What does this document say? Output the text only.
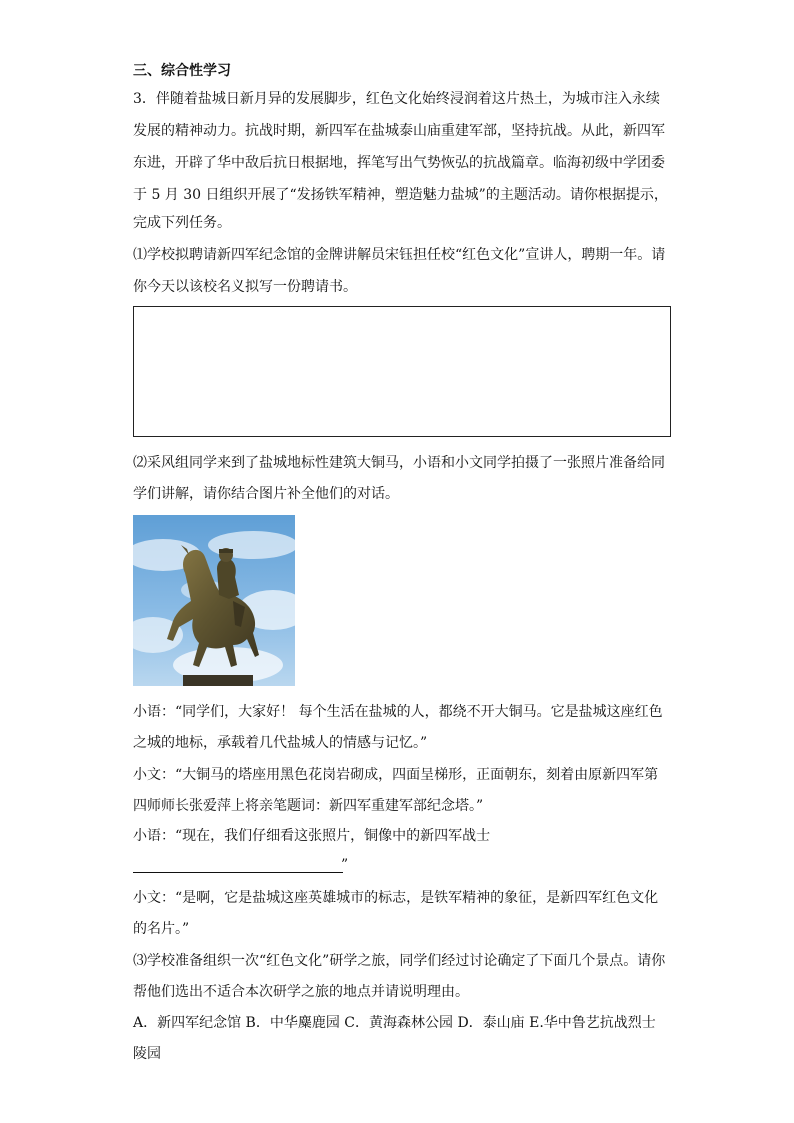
三、综合性学习
3．伴随着盐城日新月异的发展脚步，红色文化始终浸润着这片热土，为城市注入永续
发展的精神动力。抗战时期，新四军在盐城泰山庙重建军部，坚持抗战。从此，新四军
东进，开辟了华中敌后抗日根据地，挥笔写出气势恢弘的抗战篇章。临海初级中学团委
于 5 月 30 日组织开展了“发扬铁军精神，塑造魅力盐城”的主题活动。请你根据提示，
完成下列任务。
⑴学校拟聘请新四军纪念馆的金牌讲解员宋钰担任校“红色文化”宣讲人，聘期一年。请
你今天以该校名义拟写一份聘请书。
⑵采风组同学来到了盐城地标性建筑大铜马，小语和小文同学拍摄了一张照片准备给同
学们讲解，请你结合图片补全他们的对话。
小语：“同学们，大家好！ 每个生活在盐城的人，都绕不开大铜马。它是盐城这座红色
之城的地标，承载着几代盐城人的情感与记忆。”
小文：“大铜马的塔座用黑色花岗岩砌成，四面呈梯形，正面朝东，刻着由原新四军第
四师师长张爱萍上将亲笔题词：新四军重建军部纪念塔。”
小语：“现在，我们仔细看这张照片，铜像中的新四军战士
”
小文：“是啊，它是盐城这座英雄城市的标志，是铁军精神的象征，是新四军红色文化
的名片。”
⑶学校准备组织一次“红色文化”研学之旅，同学们经过讨论确定了下面几个景点。请你
帮他们选出不适合本次研学之旅的地点并请说明理由。
A．新四军纪念馆 B．中华麋鹿园 C．黄海森林公园 D．泰山庙 E.华中鲁艺抗战烈士
陵园
